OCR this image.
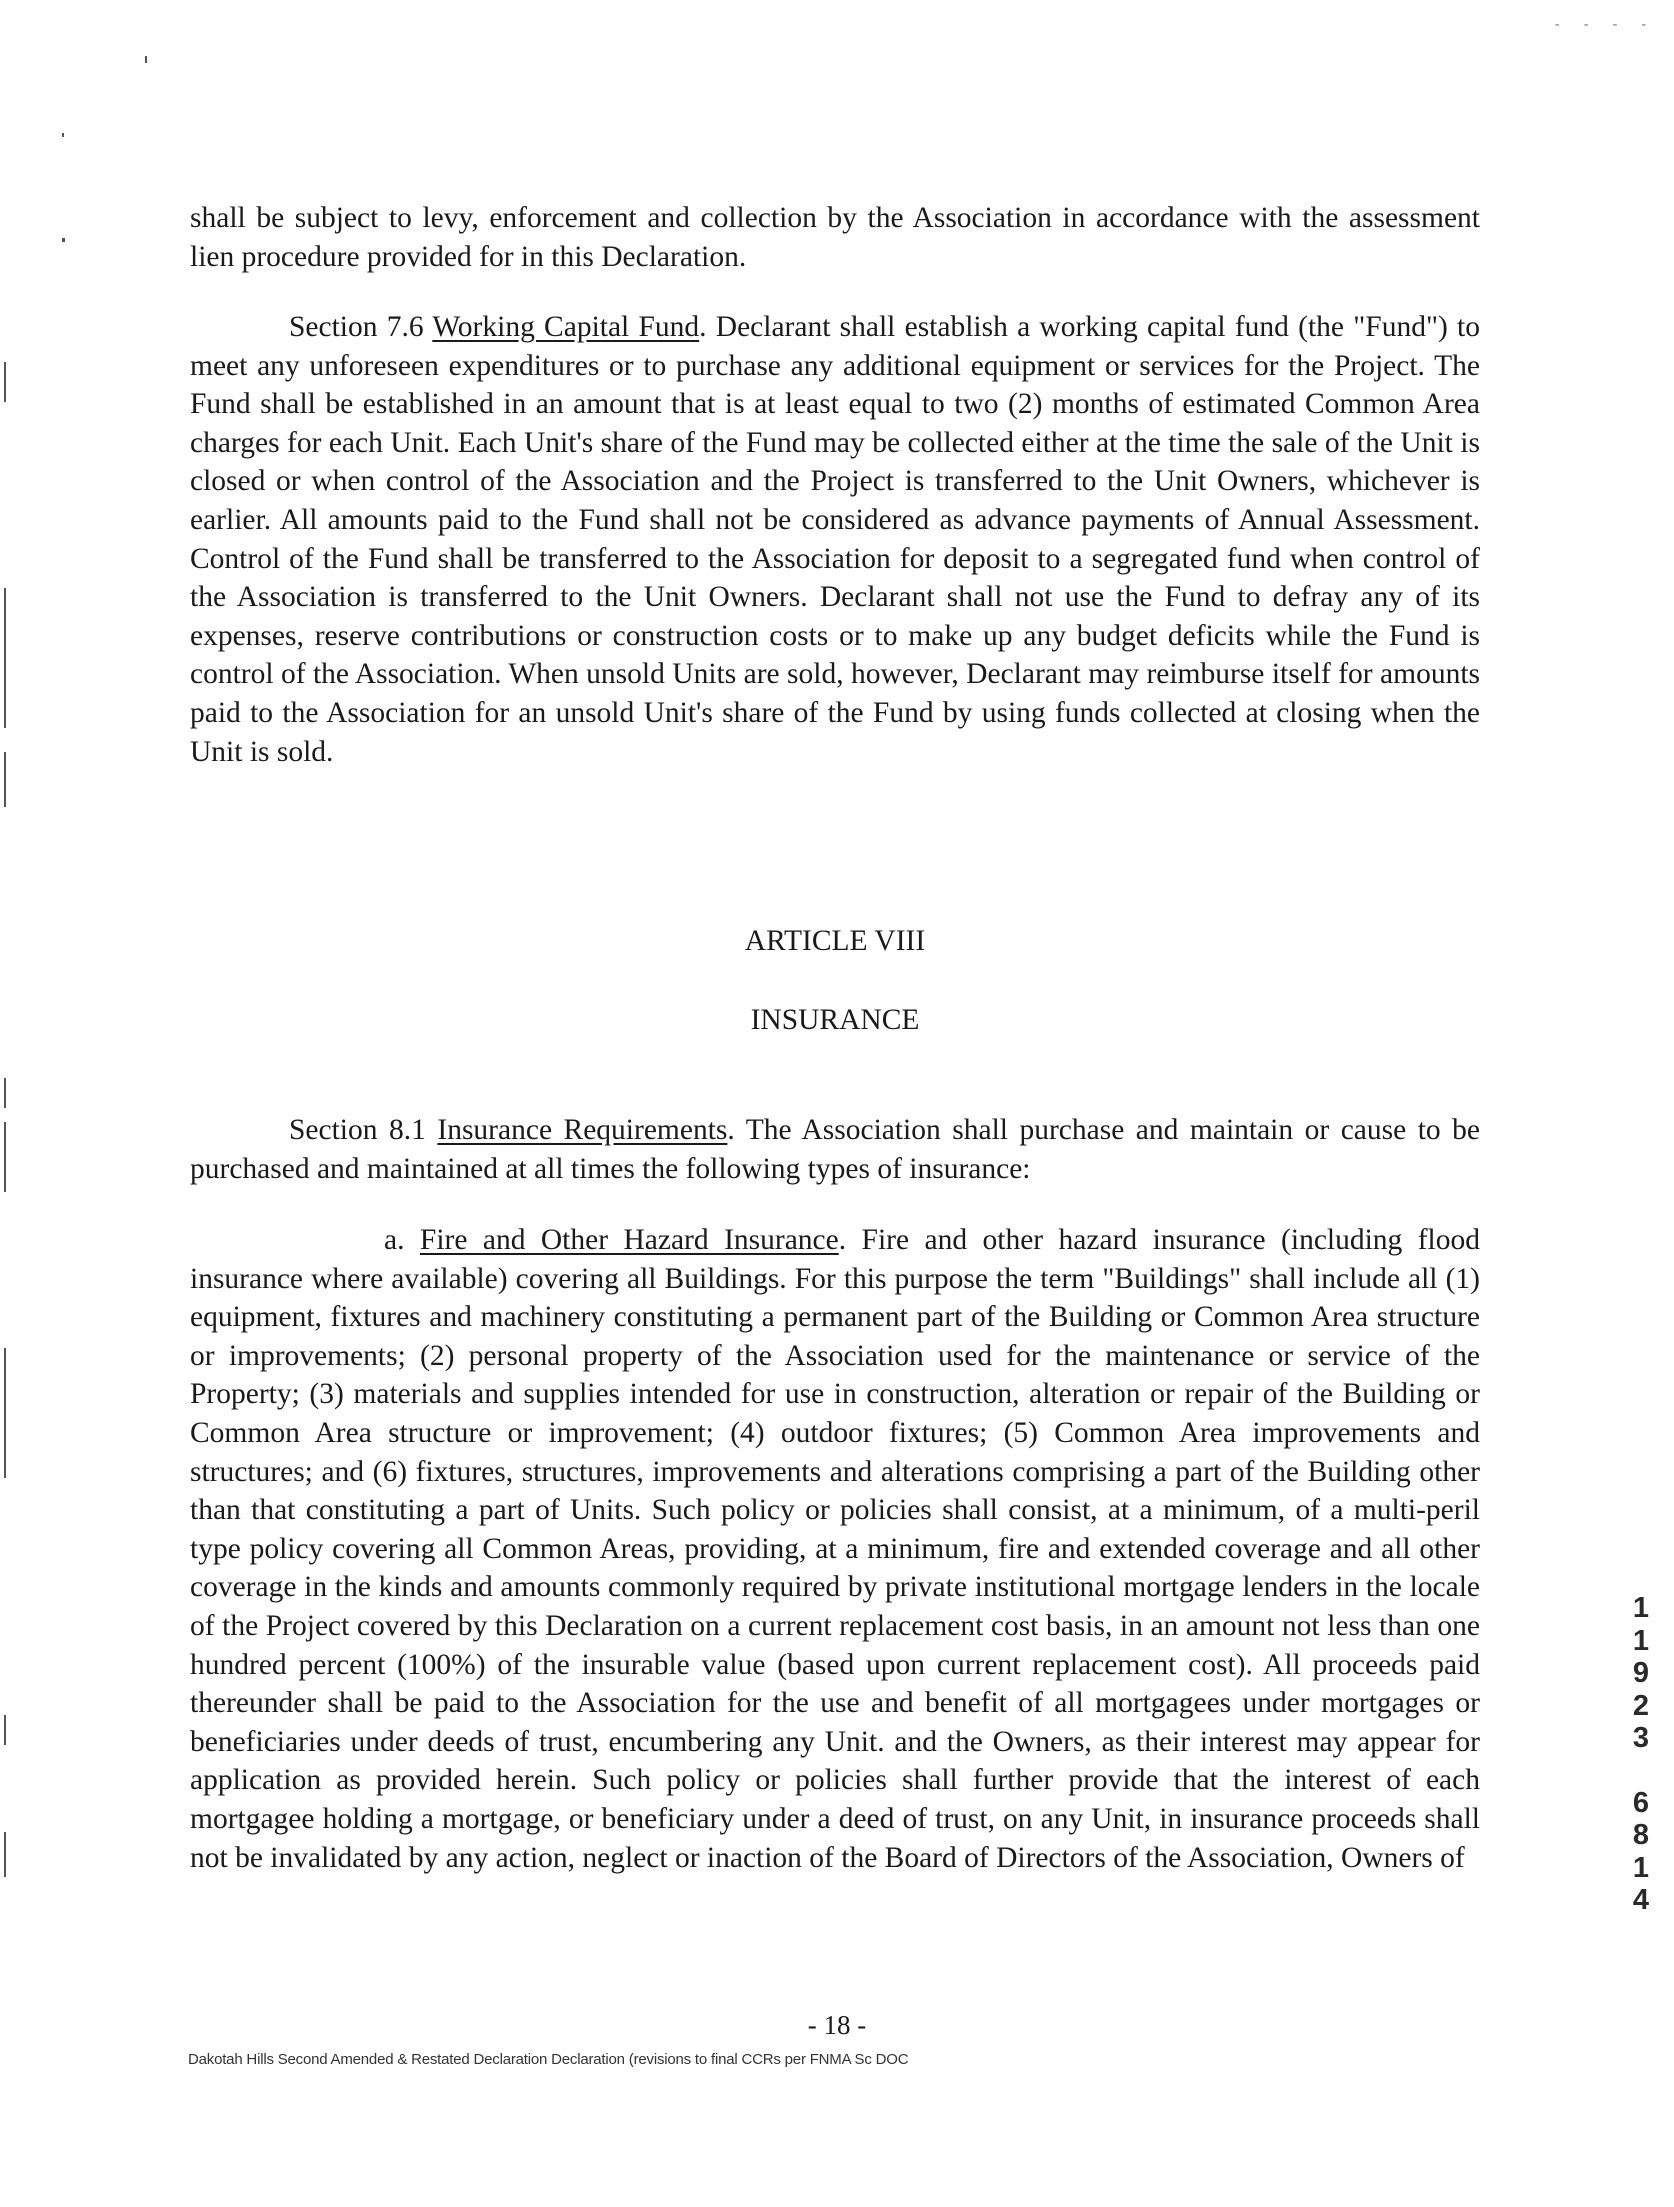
- - - -

shall be subject to levy, enforcement and collection by the Association in accordance with the assessment lien procedure provided for in this Declaration.

Section 7.6 Working Capital Fund. Declarant shall establish a working capital fund (the "Fund") to meet any unforeseen expenditures or to purchase any additional equipment or services for the Project. The Fund shall be established in an amount that is at least equal to two (2) months of estimated Common Area charges for each Unit. Each Unit's share of the Fund may be collected either at the time the sale of the Unit is closed or when control of the Association and the Project is transferred to the Unit Owners, whichever is earlier. All amounts paid to the Fund shall not be considered as advance payments of Annual Assessment. Control of the Fund shall be transferred to the Association for deposit to a segregated fund when control of the Association is transferred to the Unit Owners. Declarant shall not use the Fund to defray any of its expenses, reserve contributions or construction costs or to make up any budget deficits while the Fund is control of the Association. When unsold Units are sold, however, Declarant may reimburse itself for amounts paid to the Association for an unsold Unit's share of the Fund by using funds collected at closing when the Unit is sold.

ARTICLE VIII

INSURANCE

Section 8.1 Insurance Requirements. The Association shall purchase and maintain or cause to be purchased and maintained at all times the following types of insurance:

a. Fire and Other Hazard Insurance. Fire and other hazard insurance (including flood insurance where available) covering all Buildings. For this purpose the term "Buildings" shall include all (1) equipment, fixtures and machinery constituting a permanent part of the Building or Common Area structure or improvements; (2) personal property of the Association used for the maintenance or service of the Property; (3) materials and supplies intended for use in construction, alteration or repair of the Building or Common Area structure or improvement; (4) outdoor fixtures; (5) Common Area improvements and structures; and (6) fixtures, structures, improvements and alterations comprising a part of the Building other than that constituting a part of Units. Such policy or policies shall consist, at a minimum, of a multi-peril type policy covering all Common Areas, providing, at a minimum, fire and extended coverage and all other coverage in the kinds and amounts commonly required by private institutional mortgage lenders in the locale of the Project covered by this Declaration on a current replacement cost basis, in an amount not less than one hundred percent (100%) of the insurable value (based upon current replacement cost). All proceeds paid thereunder shall be paid to the Association for the use and benefit of all mortgagees under mortgages or beneficiaries under deeds of trust, encumbering any Unit. and the Owners, as their interest may appear for application as provided herein. Such policy or policies shall further provide that the interest of each mortgagee holding a mortgage, or beneficiary under a deed of trust, on any Unit, in insurance proceeds shall not be invalidated by any action, neglect or inaction of the Board of Directors of the Association, Owners of

1
1
9
2
3
6
8
1
4
- 18 -
Dakotah Hills Second Amended & Restated Declaration Declaration (revisions to final CCRs per FNMA Sc DOC
